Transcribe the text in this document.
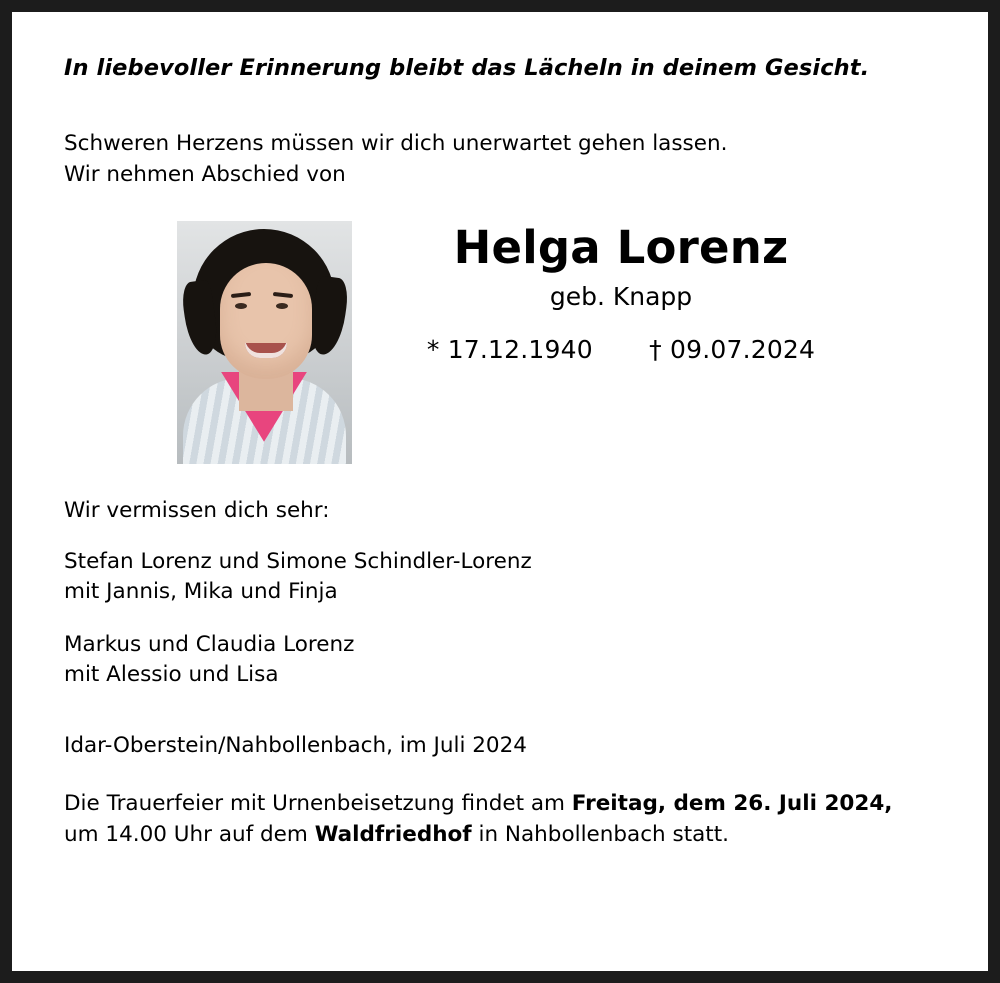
In liebevoller Erinnerung bleibt das Lächeln in deinem Gesicht.

Schweren Herzens müssen wir dich unerwartet gehen lassen.
Wir nehmen Abschied von
Helga Lorenz
geb. Knapp
* 17.12.1940 † 09.07.2024

Wir vermissen dich sehr:

Stefan Lorenz und Simone Schindler-Lorenz
mit Jannis, Mika und Finja
Markus und Claudia Lorenz
mit Alessio und Lisa

Idar-Oberstein/Nahbollenbach, im Juli 2024

Die Trauerfeier mit Urnenbeisetzung findet am Freitag, dem 26. Juli 2024,
um 14.00 Uhr auf dem Waldfriedhof in Nahbollenbach statt.
